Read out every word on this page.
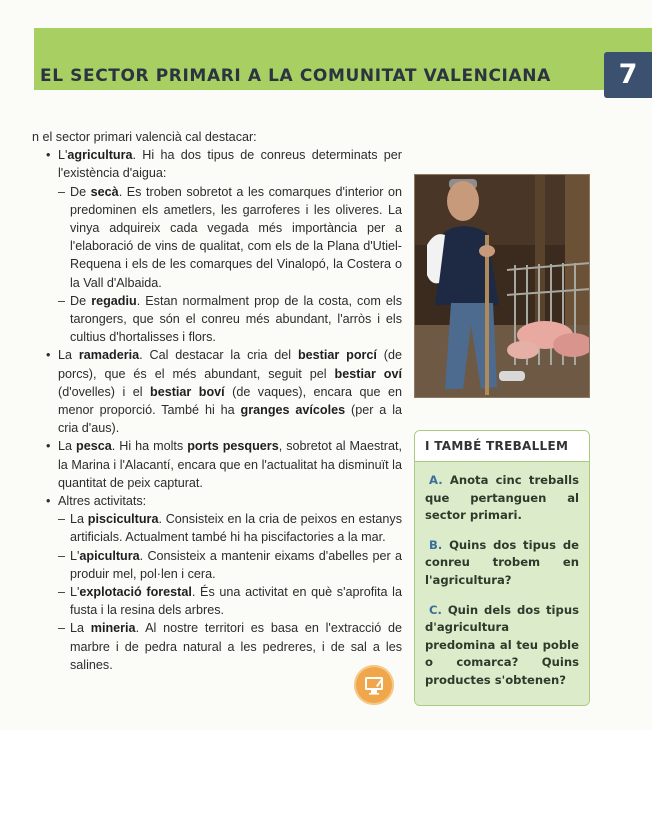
EL SECTOR PRIMARI A LA COMUNITAT VALENCIANA	7

n el sector primari valencià cal destacar:

• L'agricultura. Hi ha dos tipus de conreus determinats per l'existència d'aigua:

– De secà. Es troben sobretot a les comarques d'interior on predominen els ametlers, les garroferes i les oliveres. La vinya adquireix cada vegada més importància per a l'elaboració de vins de qualitat, com els de la Plana d'Utiel-Requena i els de les comarques del Vinalopó, la Costera o la Vall d'Albaida.

– De regadiu. Estan normalment prop de la costa, com els tarongers, que són el conreu més abundant, l'arròs i els cultius d'hortalisses i flors.

• La ramaderia. Cal destacar la cria del bestiar porcí (de porcs), que és el més abundant, seguit pel bestiar oví (d'ovelles) i el bestiar boví (de vaques), encara que en menor proporció. També hi ha granges avícoles (per a la cria d'aus).

• La pesca. Hi ha molts ports pesquers, sobretot al Maestrat, la Marina i l'Alacantí, encara que en l'actualitat ha disminuït la quantitat de peix capturat.

• Altres activitats:

– La piscicultura. Consisteix en la cria de peixos en estanys artificials. Actualment també hi ha piscifactories a la mar.

– L'apicultura. Consisteix a mantenir eixams d'abelles per a produir mel, pol·len i cera.

– L'explotació forestal. És una activitat en què s'aprofita la fusta i la resina dels arbres.

– La mineria. Al nostre territori es basa en l'extracció de marbre i de pedra natural a les pedreres, i de sal a les salines.

I TAMBÉ TREBALLEM

A. Anota cinc treballs que pertanguen al sector primari.

B. Quins dos tipus de conreu trobem en l'agricultura?

C. Quin dels dos tipus d'agricultura predomina al teu poble o comarca? Quins productes s'obtenen?
